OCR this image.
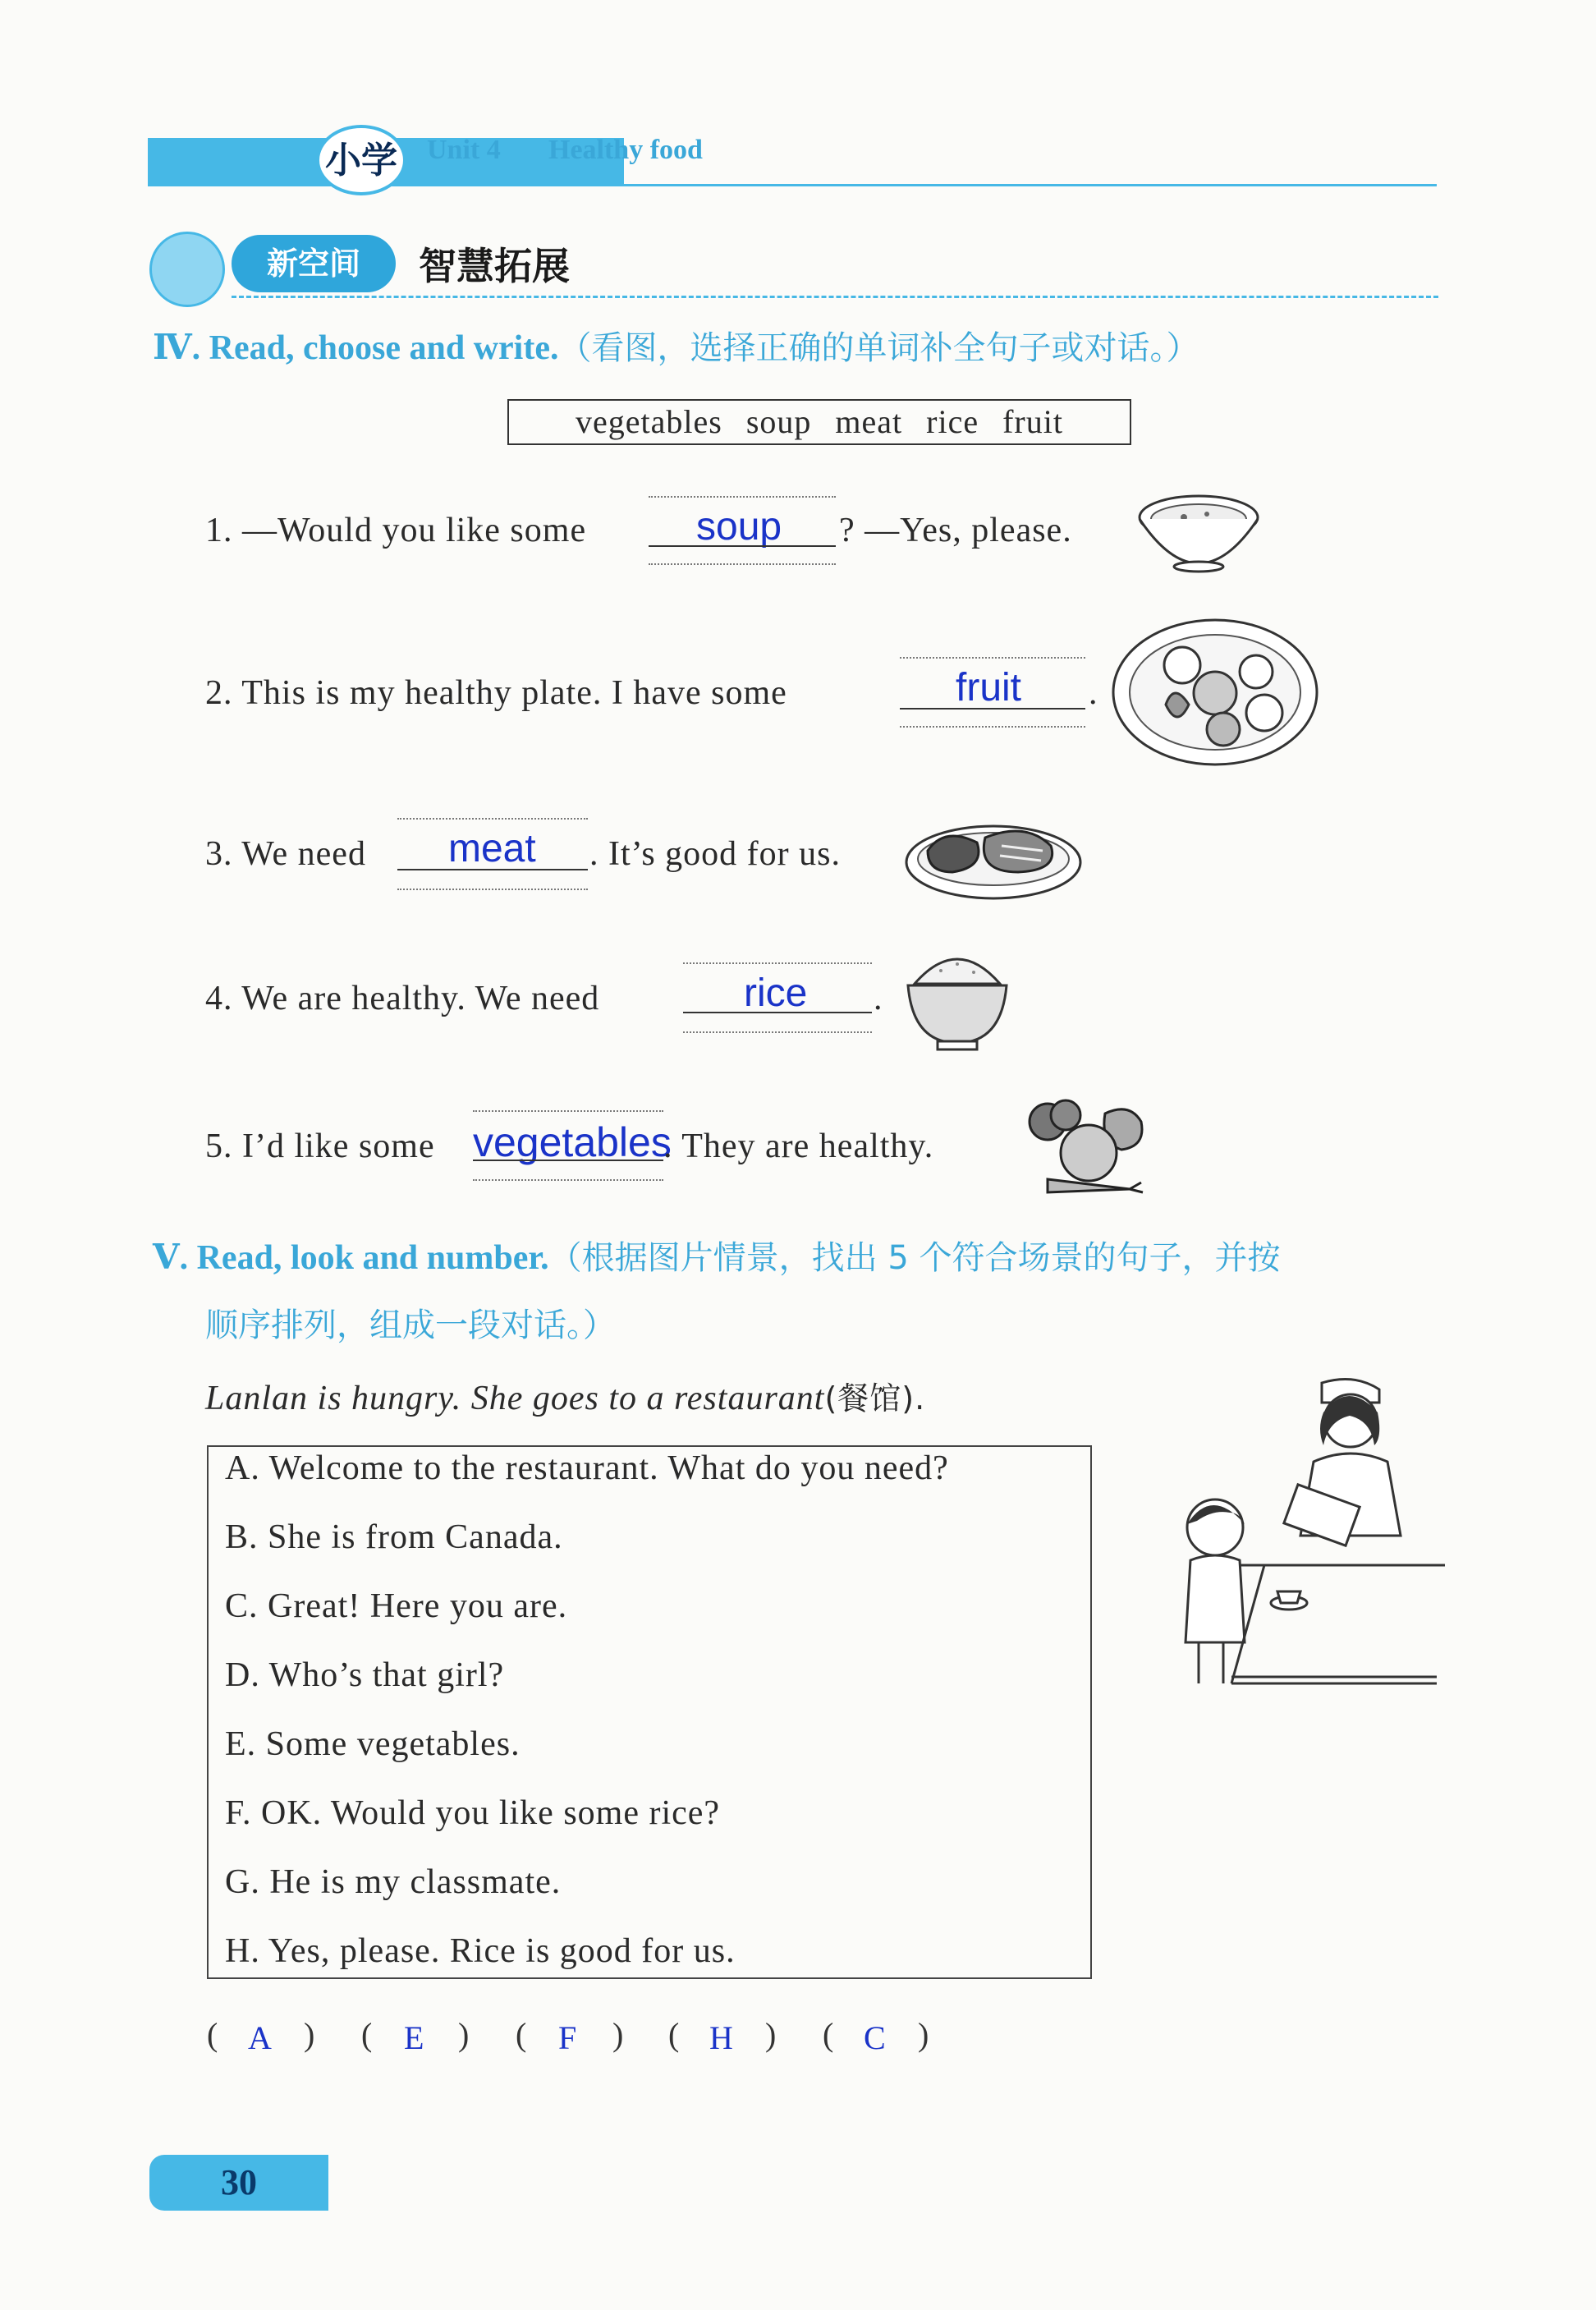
小学	Unit 4 Healthy food
新空间	智慧拓展
Ⅳ. Read, choose and write.（看图，选择正确的单词补全句子或对话。）
vegetables soup meat rice fruit
1. —Would you like some	soup ? —Yes, please.
2. This is my healthy plate. I have some	fruit .
3. We need meat . It’s good for us.
4. We are healthy. We need	rice .
5. I’d like some vegetables
. They are healthy.
Ⅴ. Read, look and number.（根据图片情景，找出 5 个符合场景的句子，并按
顺序排列，组成一段对话。）
Lanlan is hungry. She goes to a restaurant(餐馆).
A. Welcome to the restaurant. What do you need?
B. She is from Canada.
C. Great! Here you are.
D. Who’s that girl?
E. Some vegetables.
F. OK. Would you like some rice?
G. He is my classmate.
H. Yes, please. Rice is good for us.
( A ) ( E ) ( F ) ( H ) ( C )
30
